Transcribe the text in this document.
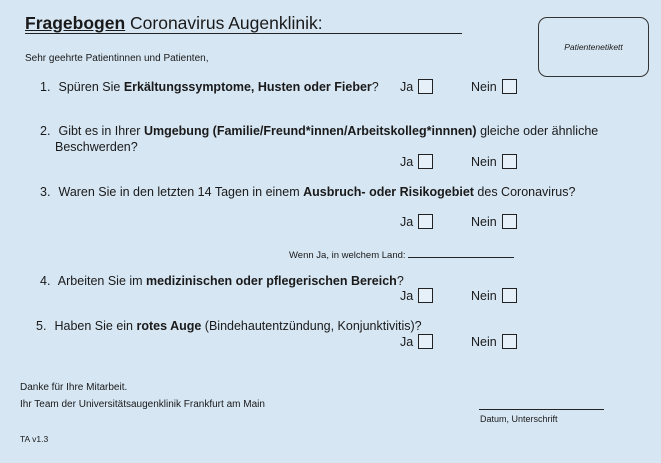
Fragebogen Coronavirus Augenklinik:
Patientenetikett
Sehr geehrte Patientinnen und Patienten,
1. Spüren Sie Erkältungssymptome, Husten oder Fieber? Ja	Nein
2. Gibt es in Ihrer Umgebung (Familie/Freund*innen/Arbeitskolleg*innnen) gleiche oder ähnliche
Beschwerden?
Ja	Nein
3. Waren Sie in den letzten 14 Tagen in einem Ausbruch- oder Risikogebiet des Coronavirus?
Ja	Nein
Wenn Ja, in welchem Land:
4. Arbeiten Sie im medizinischen oder pflegerischen Bereich?
Ja	Nein
5. Haben Sie ein rotes Auge (Bindehautentzündung, Konjunktivitis)?
Ja	Nein
Danke für Ihre Mitarbeit.
Ihr Team der Universitätsaugenklinik Frankfurt am Main
Datum, Unterschrift
TA v1.3
